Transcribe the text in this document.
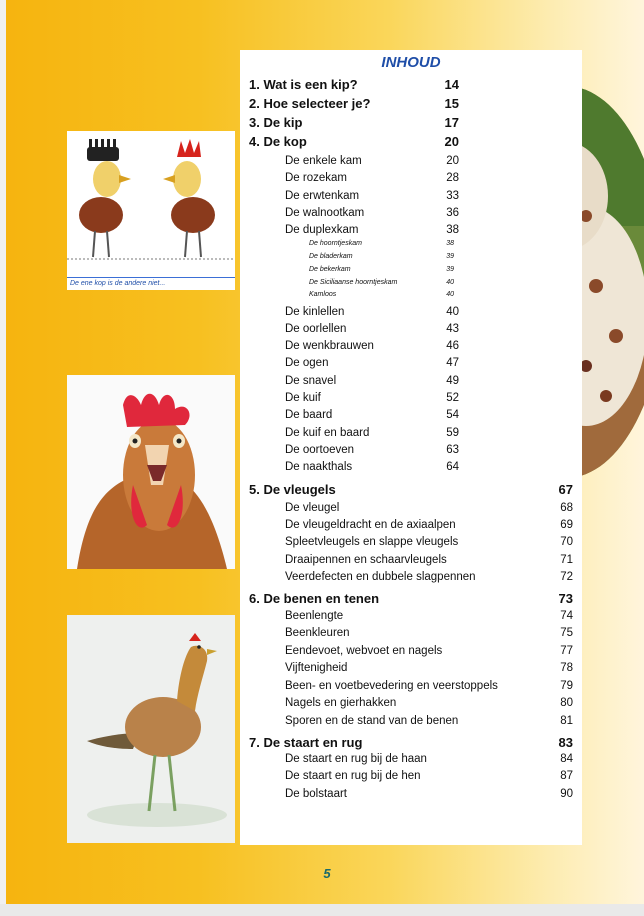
De ene kop is de andere niet...
INHOUD
1. Wat is een kip?	14
2. Hoe selecteer je?	15
3. De kip	17
4. De kop	20
De enkele kam	20
De rozekam	28
De erwtenkam	33
De walnootkam	36
De duplexkam	38
De hoorntjeskam	38
De bladerkam	39
De bekerkam	39
De Siciliaanse hoorntjeskam	40
Kamloos	40
De kinlellen	40
De oorlellen	43
De wenkbrauwen	46
De ogen	47
De snavel	49
De kuif	52
De baard	54
De kuif en baard	59
De oortoeven	63
De naakthals	64
5. De vleugels	67
De vleugel	68
De vleugeldracht en de axiaalpen	69
Spleetvleugels en slappe vleugels	70
Draaipennen en schaarvleugels	71
Veerdefecten en dubbele slagpennen	72
6. De benen en tenen	73
Beenlengte	74
Beenkleuren	75
Eendevoet, webvoet en nagels	77
Vijftenigheid	78
Been- en voetbevedering en veerstoppels	79
Nagels en gierhakken	80
Sporen en de stand van de benen	81
7. De staart en rug	83
De staart en rug bij de haan	84
De staart en rug bij de hen	87
De bolstaart	90
5
